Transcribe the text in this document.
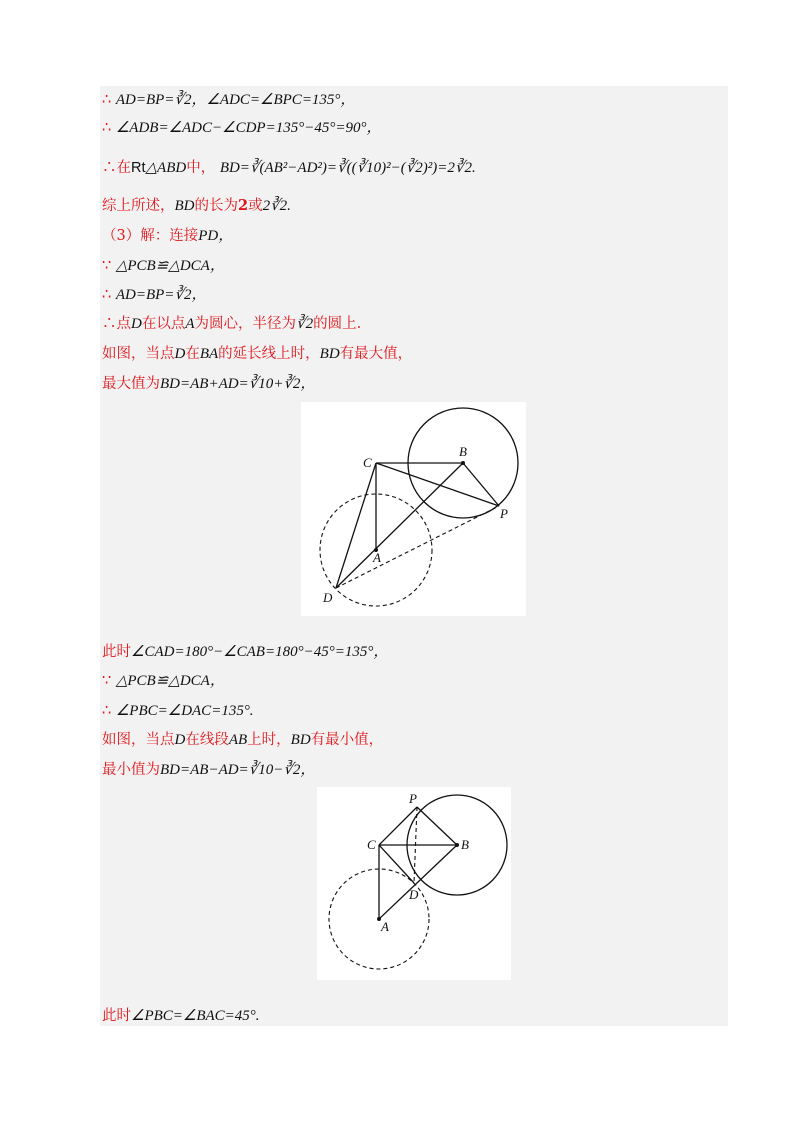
∴ AD=BP=∛2，∠ADC=∠BPC=135°，
∴ ∠ADB=∠ADC−∠CDP=135°−45°=90°，
∴在Rt△ABD中， BD=∛(AB²−AD²)=∛((∛10)²−(∛2)²)=2∛2.
综上所述，BD的长为2或2∛2.
（3）解：连接PD，
∵ △PCB≌△DCA，
∴ AD=BP=∛2，
∴点D在以点A为圆心，半径为∛2的圆上.
如图，当点D在BA的延长线上时，BD有最大值，
最大值为BD=AB+AD=∛10+∛2，
C
B
P
A
D
此时∠CAD=180°−∠CAB=180°−45°=135°，
∵ △PCB≌△DCA，
∴ ∠PBC=∠DAC=135°.
如图，当点D在线段AB上时，BD有最小值，
最小值为BD=AB−AD=∛10−∛2，
P
C	B
D
A
此时∠PBC=∠BAC=45°.
